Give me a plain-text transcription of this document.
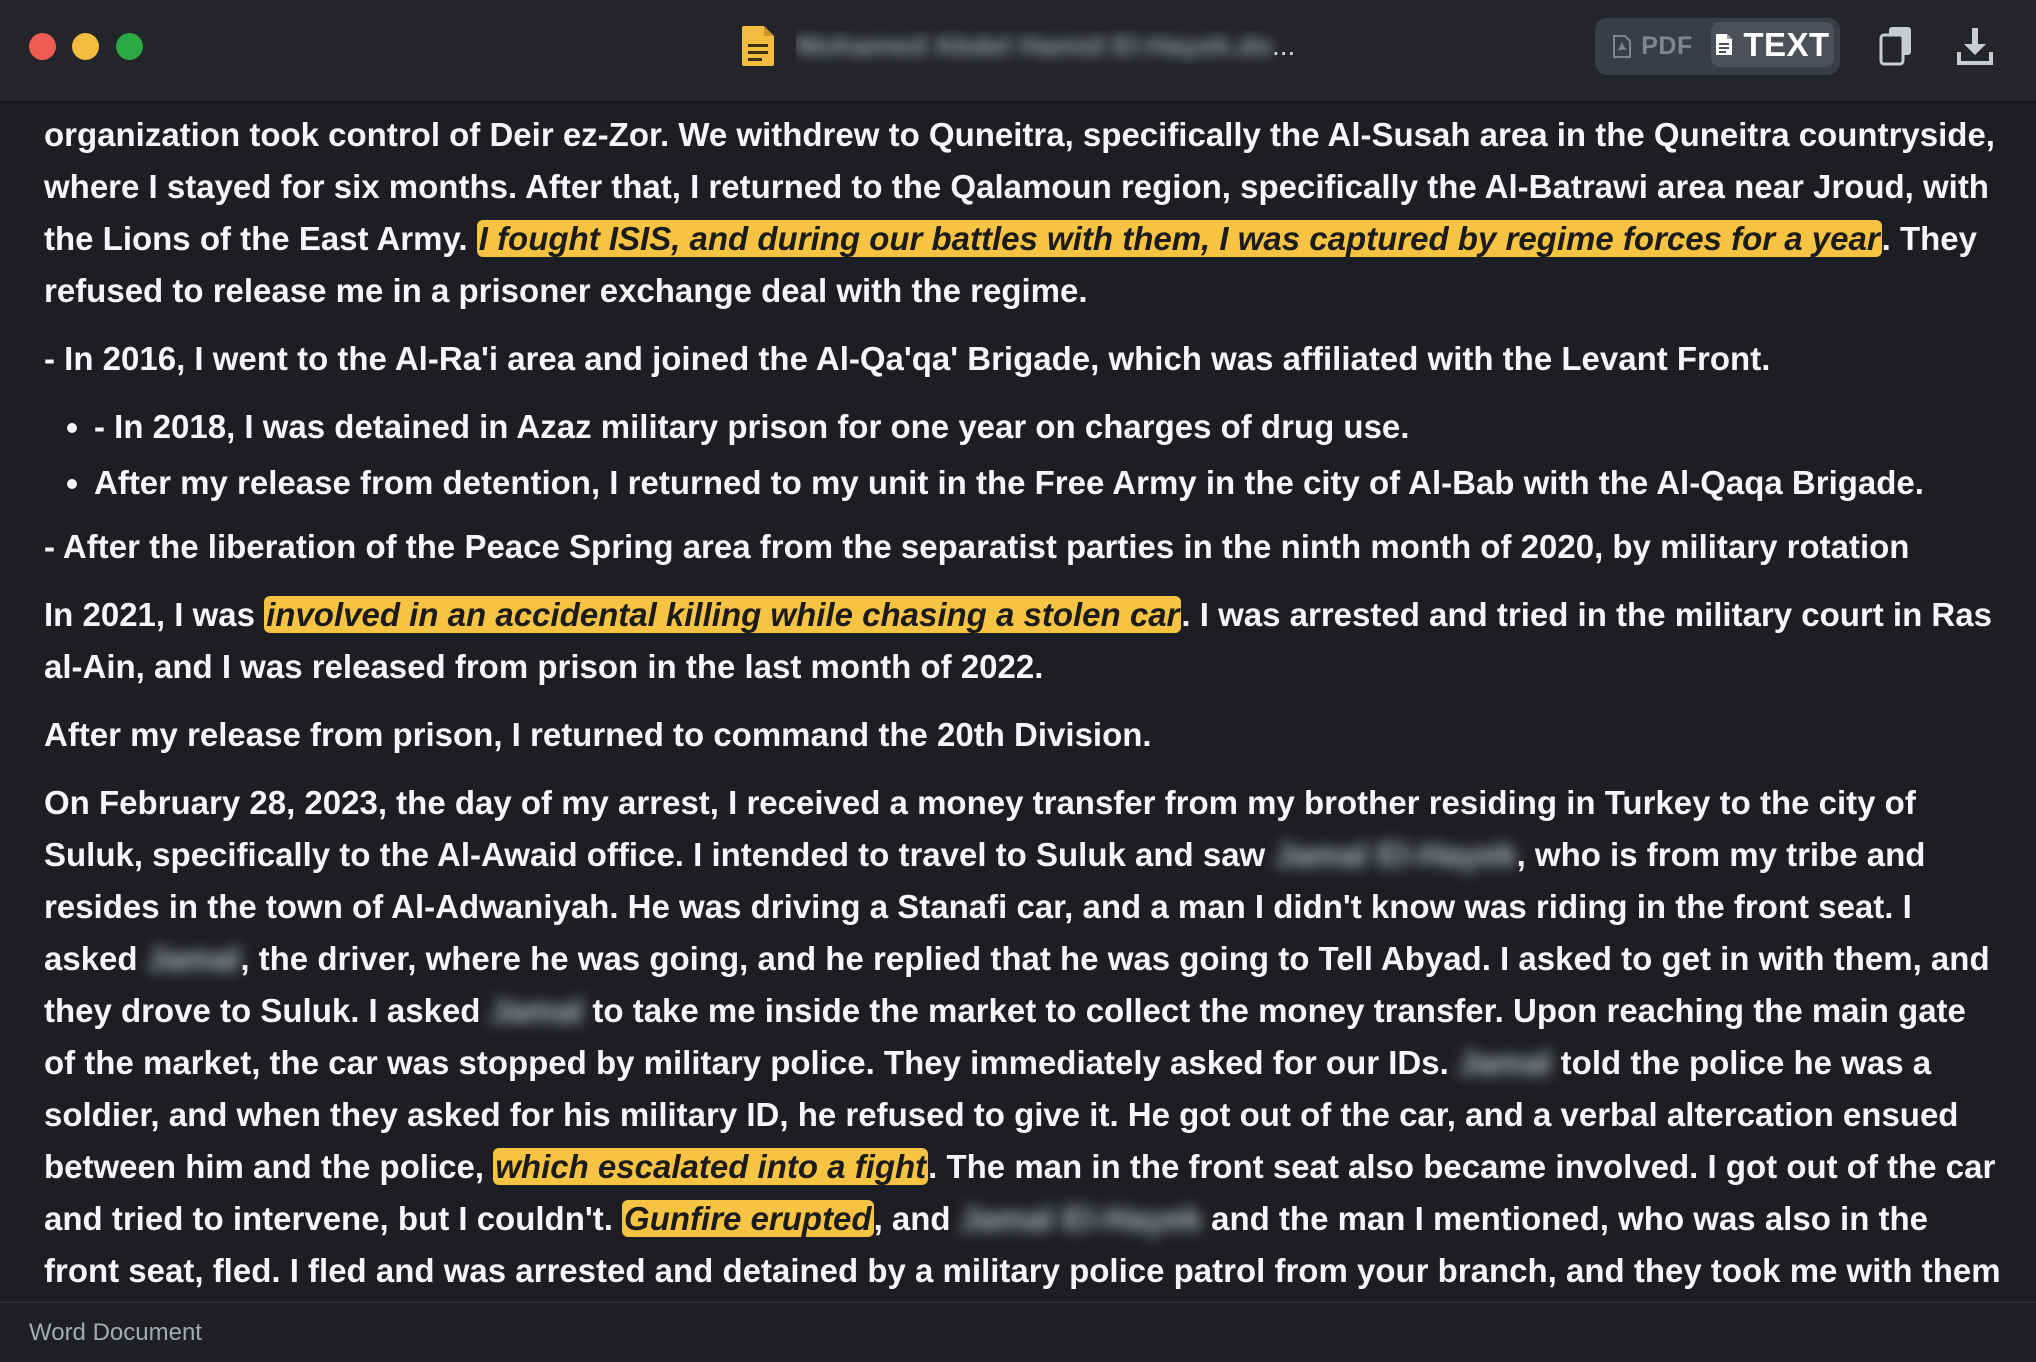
Mohamed Abdel Hamid El-Hayek.do ...	PDF TEXT

organization took control of Deir ez-Zor. We withdrew to Quneitra, specifically the Al-Susah area in the Quneitra countryside, where I stayed for six months. After that, I returned to the Qalamoun region, specifically the Al-Batrawi area near Jroud, with the Lions of the East Army. I fought ISIS, and during our battles with them, I was captured by regime forces for a year. They refused to release me in a prisoner exchange deal with the regime.

- In 2016, I went to the Al-Ra'i area and joined the Al-Qa'qa' Brigade, which was affiliated with the Levant Front.

• - In 2018, I was detained in Azaz military prison for one year on charges of drug use.
• After my release from detention, I returned to my unit in the Free Army in the city of Al-Bab with the Al-Qaqa Brigade.

- After the liberation of the Peace Spring area from the separatist parties in the ninth month of 2020, by military rotation

In 2021, I was involved in an accidental killing while chasing a stolen car. I was arrested and tried in the military court in Ras al-Ain, and I was released from prison in the last month of 2022.

After my release from prison, I returned to command the 20th Division.

On February 28, 2023, the day of my arrest, I received a money transfer from my brother residing in Turkey to the city of Suluk, specifically to the Al-Awaid office. I intended to travel to Suluk and saw Jamal El-Hayek, who is from my tribe and resides in the town of Al-Adwaniyah. He was driving a Stanafi car, and a man I didn't know was riding in the front seat. I asked Jamal, the driver, where he was going, and he replied that he was going to Tell Abyad. I asked to get in with them, and they drove to Suluk. I asked Jamal to take me inside the market to collect the money transfer. Upon reaching the main gate of the market, the car was stopped by military police. They immediately asked for our IDs. Jamal told the police he was a soldier, and when they asked for his military ID, he refused to give it. He got out of the car, and a verbal altercation ensued between him and the police, which escalated into a fight. The man in the front seat also became involved. I got out of the car and tried to intervene, but I couldn't. Gunfire erupted, and Jamal El-Hayek and the man I mentioned, who was also in the front seat, fled. I fled and was arrested and detained by a military police patrol from your branch, and they took me with them

Word Document
